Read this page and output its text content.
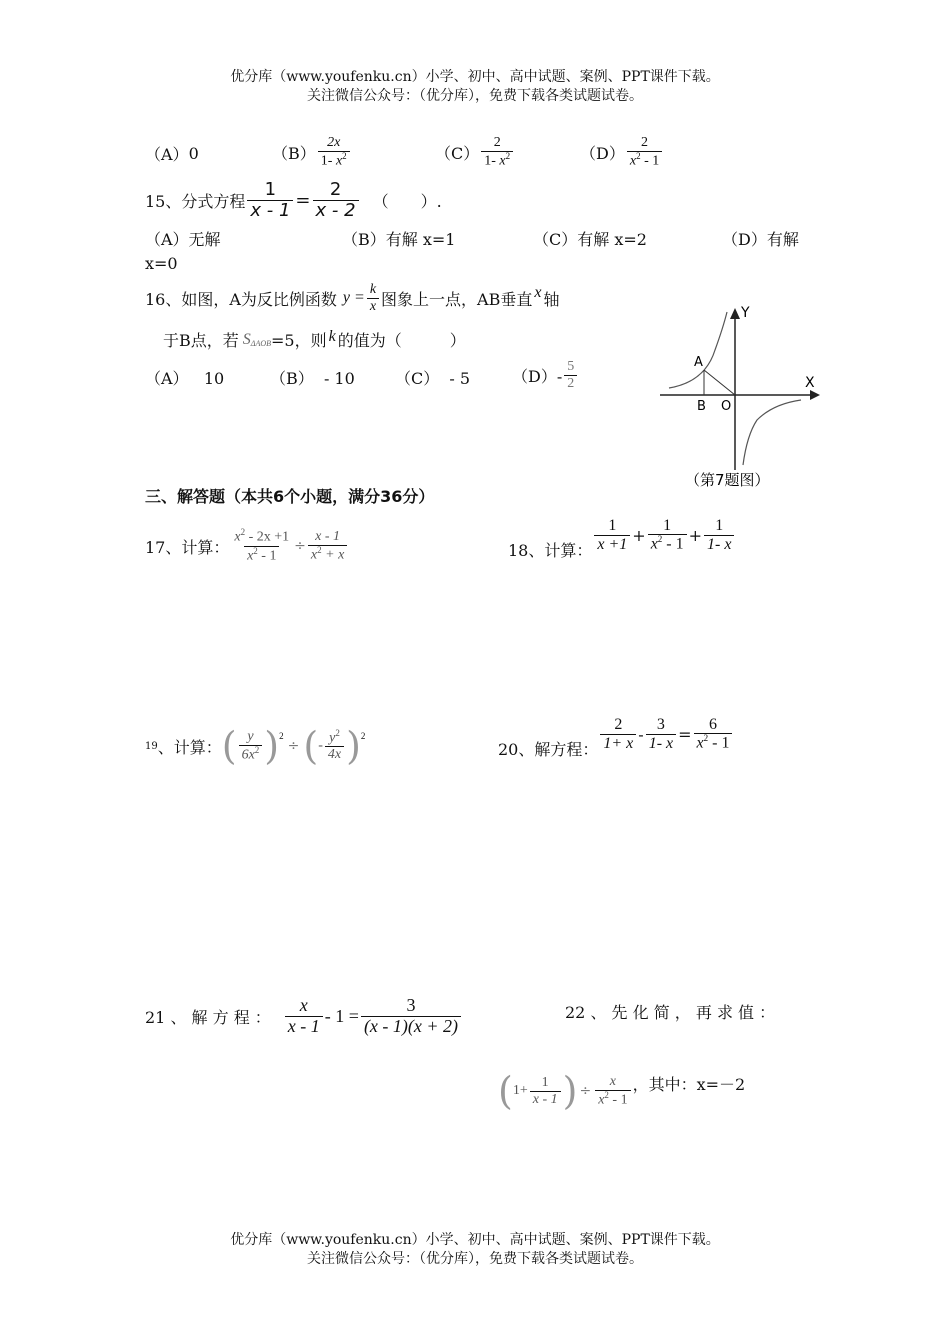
优分库（www.youfenku.cn）小学、初中、高中试题、案例、PPT课件下载。
关注微信公众号：（优分库），免费下载各类试题试卷。
（A） 0	$(B) \frac{2x}{1- x^2}$	$(C) \frac{2}{1- x^2}$	$(D) \frac{2}{x^2 - 1}$
15、分式方程 $\frac{1}{x - 1} = \frac{2}{x - 2}$ （　　）.
（A）无解	（B）有解 x=1	（C）有解 x=2	（D）有解
x=0
16、如图，A为反比例函数 $y = \frac{k}{x}$ 图象上一点，AB垂直 x 轴
于B点，若 $S_{\Delta AOB} =5$，则 k 的值为（　　　）
（A） 10	（B） - 10	（C） - 5	$(D)- \frac{5}{2}$
Y
X
A
B O
（第7题图）
三、解答题（本共6个小题，满分36分）
17、计算： $\frac{x^2 - 2x +1}{x^2 - 1} \div \frac{x - 1}{x^2 + x}$	18、计算： $\frac{1}{x +1} + \frac{1}{x^2 - 1} + \frac{1}{1- x}$
19 、计算： ( $\frac{y}{6x^2}$ ) 2
÷ ( - $\frac{y^2}{4x}$ ) 2
20、解方程： $\frac{2}{1+ x} - \frac{3}{1- x} = \frac{6}{x^2 - 1}$
21 、 解 方 程 ： $\frac{x}{x - 1} - 1 = \frac{3}{(x - 1)(x + 2)}$	22 、 先 化 简 ， 再 求 值 ：
( $1+ \frac{1}{x - 1}$ ) ÷ $\frac{x}{x^2 - 1}$ ，其中：x=－2
优分库（www.youfenku.cn）小学、初中、高中试题、案例、PPT课件下载。
关注微信公众号：（优分库），免费下载各类试题试卷。
